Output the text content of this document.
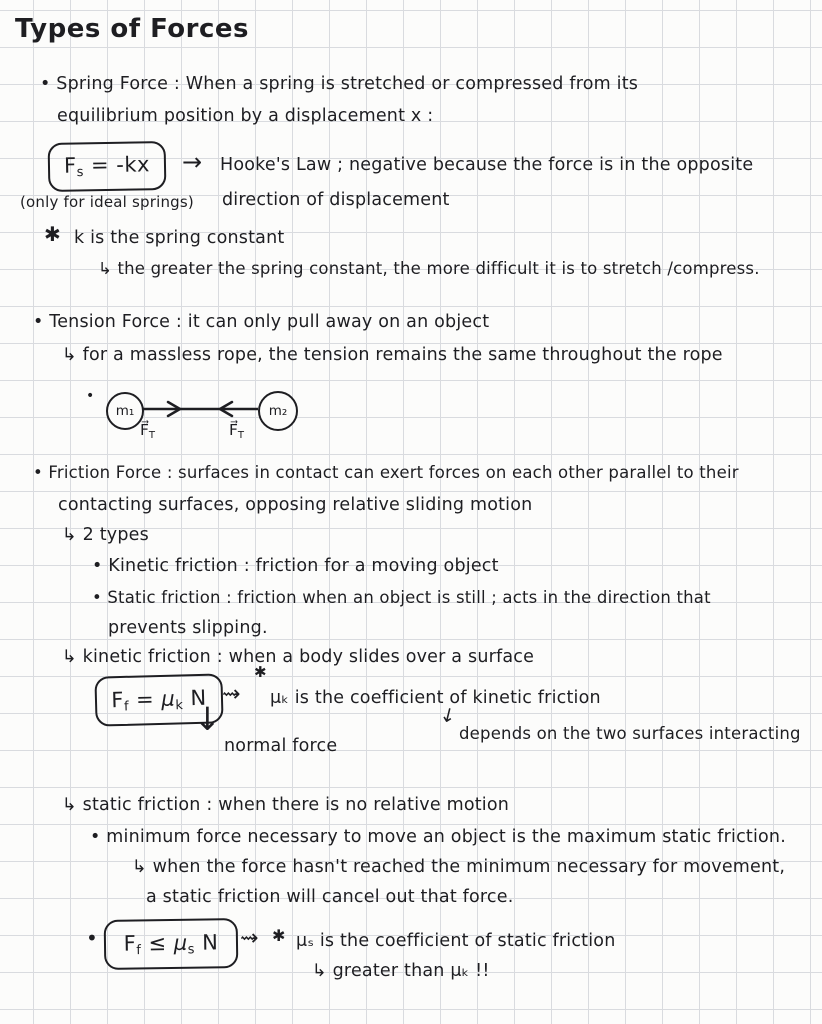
Types of Forces
• Spring Force : When a spring is stretched or compressed from its
equilibrium position by a displacement x :
$F_s = -kx$ → Hooke's Law ; negative because the force is in the opposite
direction of displacement
(only for ideal springs)
✱ k is the spring constant
↳ the greater the spring constant, the more difficult it is to stretch /compress.
• Tension Force : it can only pull away on an object
↳ for a massless rope, the tension remains the same throughout the rope
•
m₁	m₂
$F⃗_T$	$F⃗_T$
• Friction Force : surfaces in contact can exert forces on each other parallel to their
contacting surfaces, opposing relative sliding motion
↳ 2 types
• Kinetic friction : friction for a moving object
• Static friction : friction when an object is still ; acts in the direction that
prevents slipping.
↳ kinetic friction : when a body slides over a surface
$F_f = \mu_k$ N ⇝
✱
μₖ is the coefficient of kinetic friction
↓
normal force
↓
depends on the two surfaces interacting
↳ static friction : when there is no relative motion
• minimum force necessary to move an object is the maximum static friction.
↳ when the force hasn't reached the minimum necessary for movement,
a static friction will cancel out that force.
• $F_f \le \mu_s$ N ⇝ ✱ μₛ is the coefficient of static friction
↳ greater than μₖ !!
